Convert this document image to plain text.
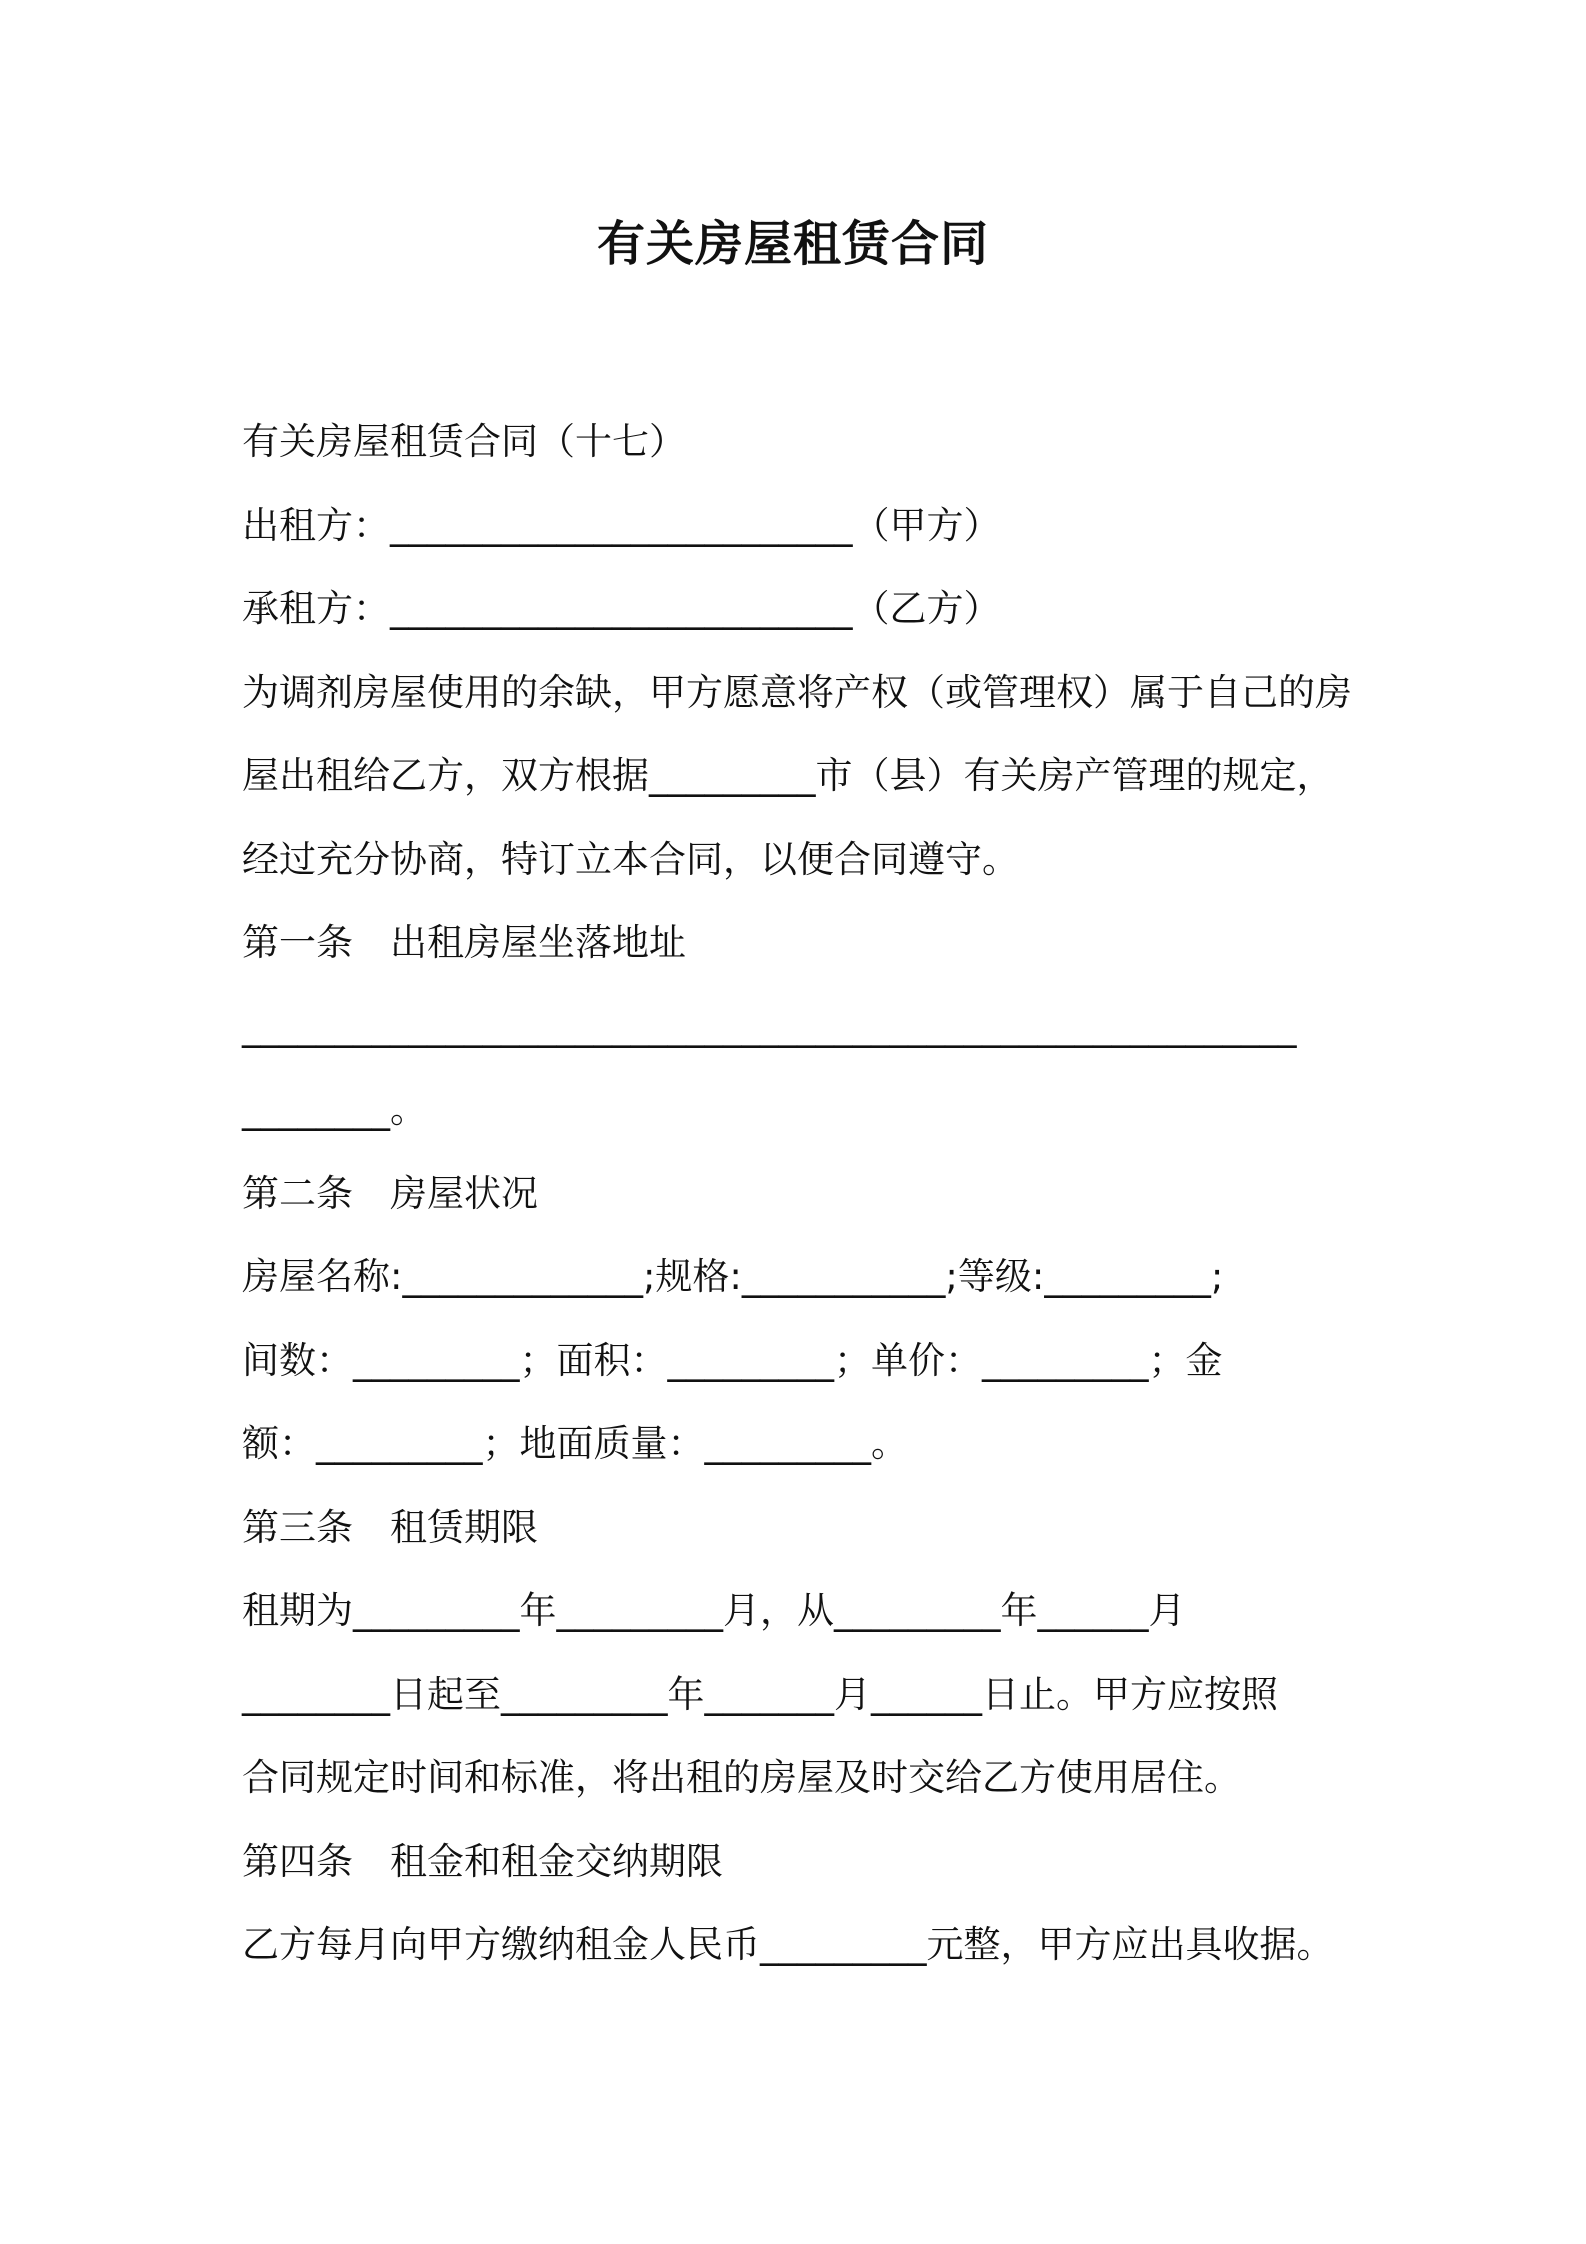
有关房屋租赁合同
有关房屋租赁合同（十七）
出租方：_________________________（甲方）
承租方：_________________________（乙方）
为调剂房屋使用的余缺，甲方愿意将产权（或管理权）属于自己的房
屋出租给乙方，双方根据_________市（县）有关房产管理的规定，
经过充分协商，特订立本合同，以便合同遵守。
第一条　出租房屋坐落地址
_________________________________________________________
________。
第二条　房屋状况
房屋名称:_____________;规格:___________;等级:_________;
间数：_________；面积：_________；单价：_________；金
额：_________；地面质量：_________。
第三条　租赁期限
租期为_________年_________月，从_________年______月
________日起至_________年_______月______日止。甲方应按照
合同规定时间和标准，将出租的房屋及时交给乙方使用居住。
第四条　租金和租金交纳期限
乙方每月向甲方缴纳租金人民币_________元整，甲方应出具收据。
